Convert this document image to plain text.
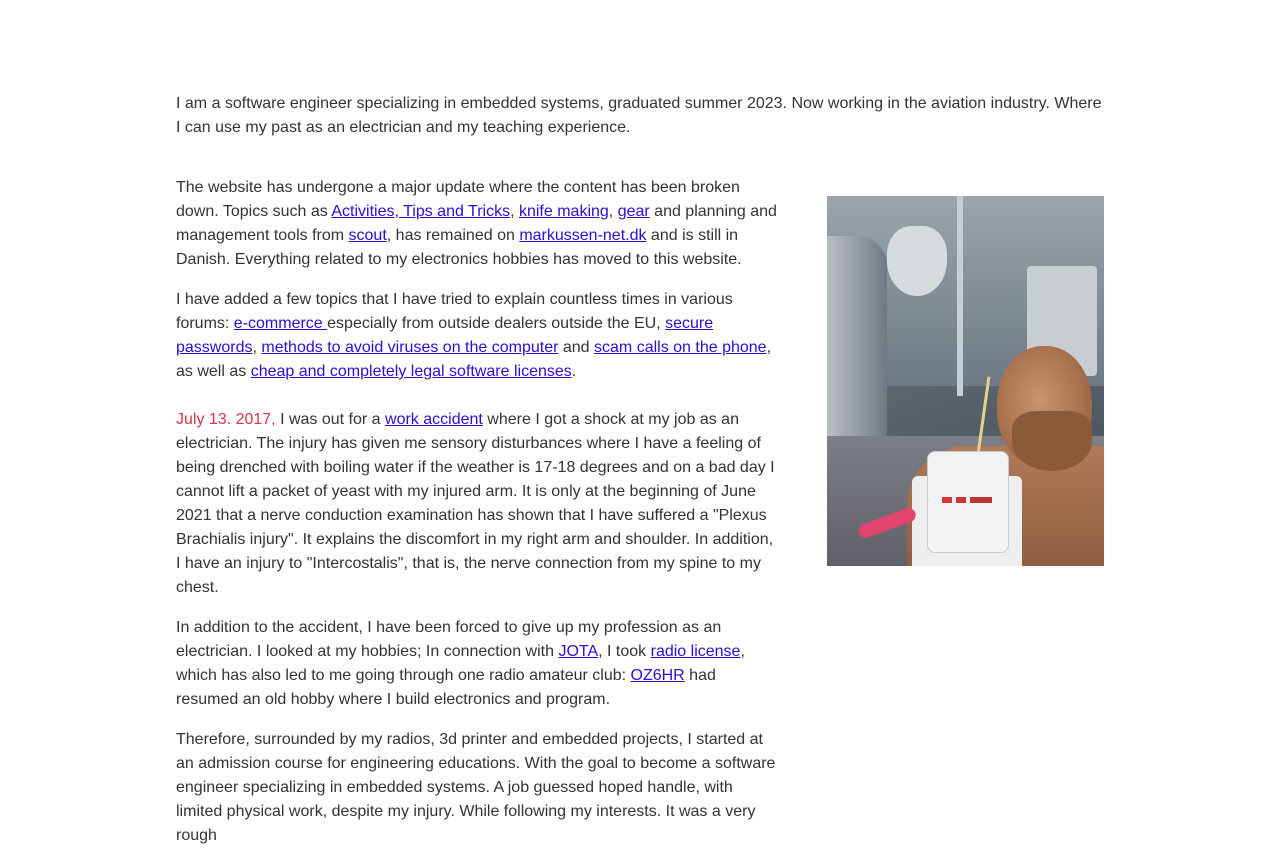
I am a software engineer specializing in embedded systems, graduated summer 2023. Now working in the aviation industry. Where I can use my past as an electrician and my teaching experience.

The website has undergone a major update where the content has been broken down. Topics such as Activities, Tips and Tricks, knife making, gear and planning and management tools from scout, has remained on markussen-net.dk and is still in Danish. Everything related to my electronics hobbies has moved to this website.

I have added a few topics that I have tried to explain countless times in various forums: e-commerce especially from outside dealers outside the EU, secure passwords, methods to avoid viruses on the computer and scam calls on the phone, as well as cheap and completely legal software licenses.

July 13. 2017, I was out for a work accident where I got a shock at my job as an electrician. The injury has given me sensory disturbances where I have a feeling of being drenched with boiling water if the weather is 17-18 degrees and on a bad day I cannot lift a packet of yeast with my injured arm. It is only at the beginning of June 2021 that a nerve conduction examination has shown that I have suffered a "Plexus Brachialis injury". It explains the discomfort in my right arm and shoulder. In addition, I have an injury to "Intercostalis", that is, the nerve connection from my spine to my chest.

In addition to the accident, I have been forced to give up my profession as an electrician. I looked at my hobbies; In connection with JOTA, I took radio license, which has also led to me going through one radio amateur club: OZ6HR had resumed an old hobby where I build electronics and program.

Therefore, surrounded by my radios, 3d printer and embedded projects, I started at an admission course for engineering educations. With the goal to become a software engineer specializing in embedded systems. A job guessed hoped handle, with limited physical work, despite my injury. While following my interests. It was a very rough
